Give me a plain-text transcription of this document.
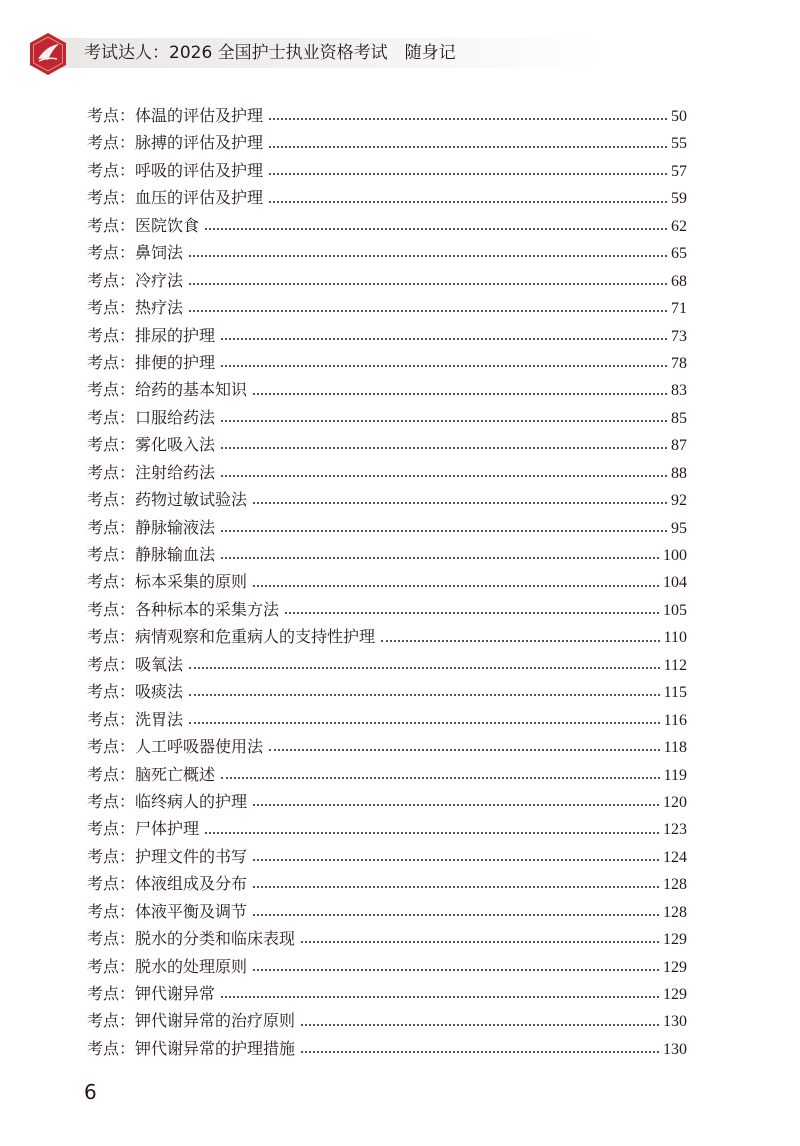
考试达人：2026 全国护士执业资格考试　随身记
考点：体温的评估及护理	50
考点：脉搏的评估及护理	55
考点：呼吸的评估及护理	57
考点：血压的评估及护理	59
考点：医院饮食	62
考点：鼻饲法	65
考点：冷疗法	68
考点：热疗法	71
考点：排尿的护理	73
考点：排便的护理	78
考点：给药的基本知识	83
考点：口服给药法	85
考点：雾化吸入法	87
考点：注射给药法	88
考点：药物过敏试验法	92
考点：静脉输液法	95
考点：静脉输血法	100
考点：标本采集的原则	104
考点：各种标本的采集方法	105
考点：病情观察和危重病人的支持性护理	110
考点：吸氧法	112
考点：吸痰法	115
考点：洗胃法	116
考点：人工呼吸器使用法	118
考点：脑死亡概述	119
考点：临终病人的护理	120
考点：尸体护理	123
考点：护理文件的书写	124
考点：体液组成及分布	128
考点：体液平衡及调节	128
考点：脱水的分类和临床表现	129
考点：脱水的处理原则	129
考点：钾代谢异常	129
考点：钾代谢异常的治疗原则	130
考点：钾代谢异常的护理措施	130
6
